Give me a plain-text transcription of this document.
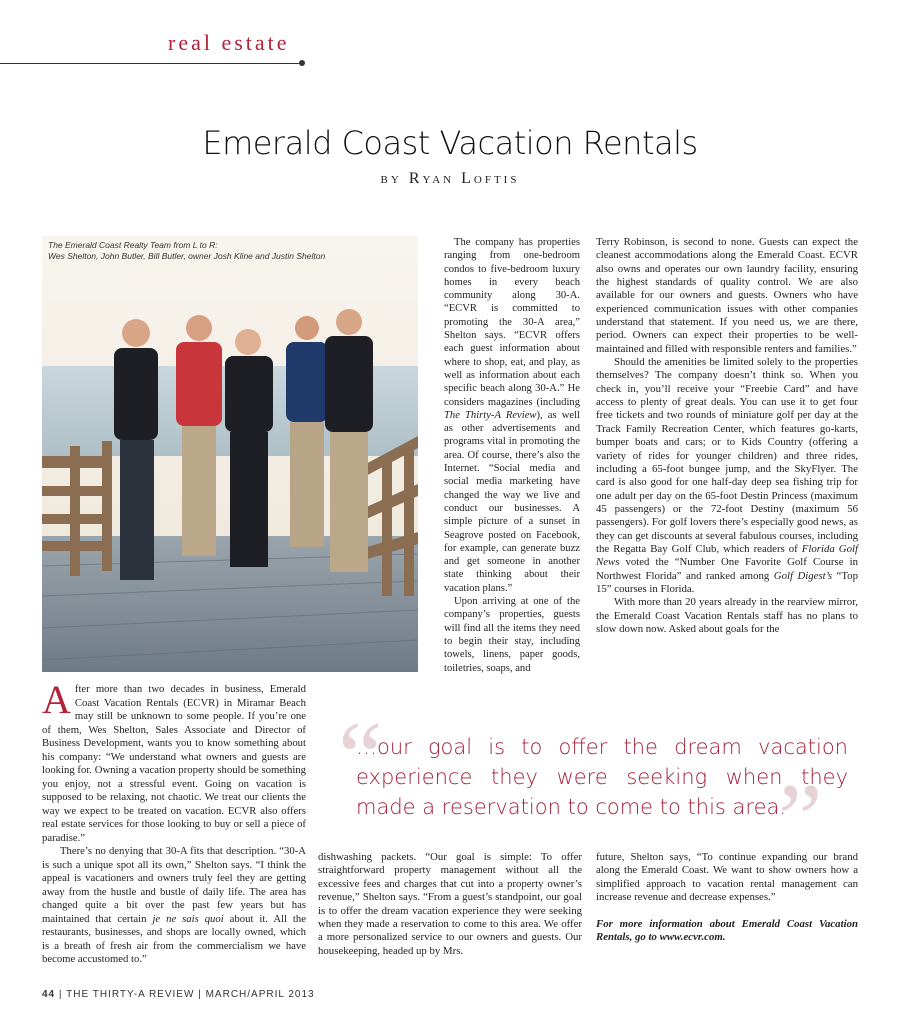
real estate
Emerald Coast Vacation Rentals
by Ryan Loftis
The Emerald Coast Realty Team from L to R:
Wes Shelton, John Butler, Bill Butler, owner Josh Kline and Justin Shelton

The company has properties ranging from one-bedroom condos to five-bedroom luxury homes in every beach community along 30-A. “ECVR is committed to promoting the 30-A area,” Shelton says. “ECVR offers each guest information about where to shop, eat, and play, as well as information about each specific beach along 30-A.” He considers magazines (including The Thirty-A Review), as well as other advertisements and programs vital in promoting the area. Of course, there’s also the Internet. “Social media and social media marketing have changed the way we live and conduct our businesses. A simple picture of a sunset in Seagrove posted on Facebook, for example, can generate buzz and get someone in another state thinking about their vacation plans.”

Upon arriving at one of the company’s properties, guests will find all the items they need to begin their stay, including towels, linens, paper goods, toiletries, soaps, and

Terry Robinson, is second to none. Guests can expect the cleanest accommodations along the Emerald Coast. ECVR also owns and operates our own laundry facility, ensuring the highest standards of quality control. We are also available for our owners and guests. Owners who have experienced communication issues with other companies understand that statement. If you need us, we are there, period. Owners can expect their properties to be well-maintained and filled with responsible renters and families.”

Should the amenities be limited solely to the properties themselves? The company doesn’t think so. When you check in, you’ll receive your “Freebie Card” and have access to plenty of great deals. You can use it to get four free tickets and two rounds of miniature golf per day at the Track Family Recreation Center, which features go-karts, bumper boats and cars; or to Kids Country (offering a variety of rides for younger children) and three rides, including a 65-foot bungee jump, and the SkyFlyer. The card is also good for one half-day deep sea fishing trip for one adult per day on the 65-foot Destin Princess (maximum 45 passengers) or the 72-foot Destiny (maximum 56 passengers). For golf lovers there’s especially good news, as they can get discounts at several fabulous courses, including the Regatta Bay Golf Club, which readers of Florida Golf News voted the “Number One Favorite Golf Course in Northwest Florida” and ranked among Golf Digest’s “Top 15” courses in Florida.

With more than 20 years already in the rearview mirror, the Emerald Coast Vacation Rentals staff has no plans to slow down now. Asked about goals for the

After more than two decades in business, Emerald Coast Vacation Rentals (ECVR) in Miramar Beach may still be unknown to some people. If you’re one of them, Wes Shelton, Sales Associate and Director of Business Development, wants you to know something about his company: “We understand what owners and guests are looking for. Owning a vacation property should be something you enjoy, not a stressful event. Going on vacation is supposed to be relaxing, not chaotic. We treat our clients the way we expect to be treated on vacation. ECVR also offers real estate services for those looking to buy or sell a piece of paradise.”

There’s no denying that 30-A fits that description. “30-A is such a unique spot all its own,” Shelton says. “I think the appeal is vacationers and owners truly feel they are getting away from the hustle and bustle of daily life. The area has changed quite a bit over the past few years but has maintained that certain je ne sais quoi about it. All the restaurants, businesses, and shops are locally owned, which is a breath of fresh air from the commercialism we have become accustomed to.”

“
”
…our goal is to offer the dream vacation experience they were seeking when they made a reservation to come to this area.

dishwashing packets. “Our goal is simple: To offer straightforward property management without all the excessive fees and charges that cut into a property owner’s revenue,” Shelton says. “From a guest’s standpoint, our goal is to offer the dream vacation experience they were seeking when they made a reservation to come to this area. We offer a more personalized service to our owners and guests. Our housekeeping, headed up by Mrs.

future, Shelton says, “To continue expanding our brand along the Emerald Coast. We want to show owners how a simplified approach to vacation rental management can increase revenue and decrease expenses.”

For more information about Emerald Coast Vacation Rentals, go to www.ecvr.com.

44 | THE THIRTY-A REVIEW | MARCH/APRIL 2013
